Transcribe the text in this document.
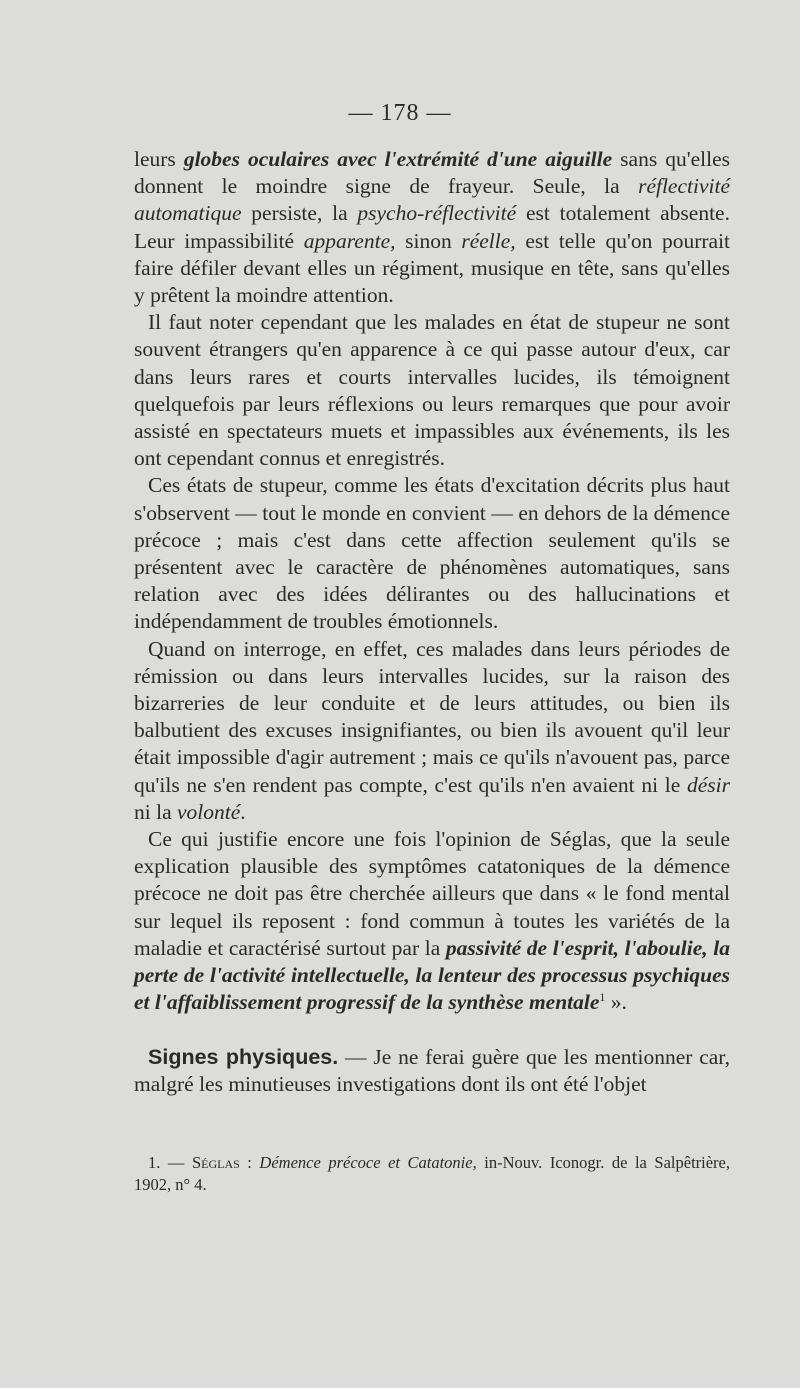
— 178 —

leurs globes oculaires avec l'extrémité d'une aiguille sans qu'elles donnent le moindre signe de frayeur. Seule, la réflectivité automatique persiste, la psycho-réflectivité est totalement absente. Leur impassibilité apparente, sinon réelle, est telle qu'on pourrait faire défiler devant elles un régiment, musique en tête, sans qu'elles y prêtent la moindre attention.

Il faut noter cependant que les malades en état de stupeur ne sont souvent étrangers qu'en apparence à ce qui passe autour d'eux, car dans leurs rares et courts intervalles lucides, ils témoignent quelquefois par leurs réflexions ou leurs remarques que pour avoir assisté en spectateurs muets et impassibles aux événements, ils les ont cependant connus et enregistrés.

Ces états de stupeur, comme les états d'excitation décrits plus haut s'observent — tout le monde en convient — en dehors de la démence précoce ; mais c'est dans cette affection seulement qu'ils se présentent avec le caractère de phénomènes automatiques, sans relation avec des idées délirantes ou des hallucinations et indépendamment de troubles émotionnels.

Quand on interroge, en effet, ces malades dans leurs périodes de rémission ou dans leurs intervalles lucides, sur la raison des bizarreries de leur conduite et de leurs attitudes, ou bien ils balbutient des excuses insignifiantes, ou bien ils avouent qu'il leur était impossible d'agir autrement ; mais ce qu'ils n'avouent pas, parce qu'ils ne s'en rendent pas compte, c'est qu'ils n'en avaient ni le désir ni la volonté.

Ce qui justifie encore une fois l'opinion de Séglas, que la seule explication plausible des symptômes catatoniques de la démence précoce ne doit pas être cherchée ailleurs que dans « le fond mental sur lequel ils reposent : fond commun à toutes les variétés de la maladie et caractérisé surtout par la passivité de l'esprit, l'aboulie, la perte de l'activité intellectuelle, la lenteur des processus psychiques et l'affaiblissement progressif de la synthèse mentale$^1$ ».

Signes physiques. — Je ne ferai guère que les mentionner car, malgré les minutieuses investigations dont ils ont été l'objet

1. — Séglas : Démence précoce et Catatonie, in-Nouv. Iconogr. de la Salpêtrière, 1902, n° 4.
